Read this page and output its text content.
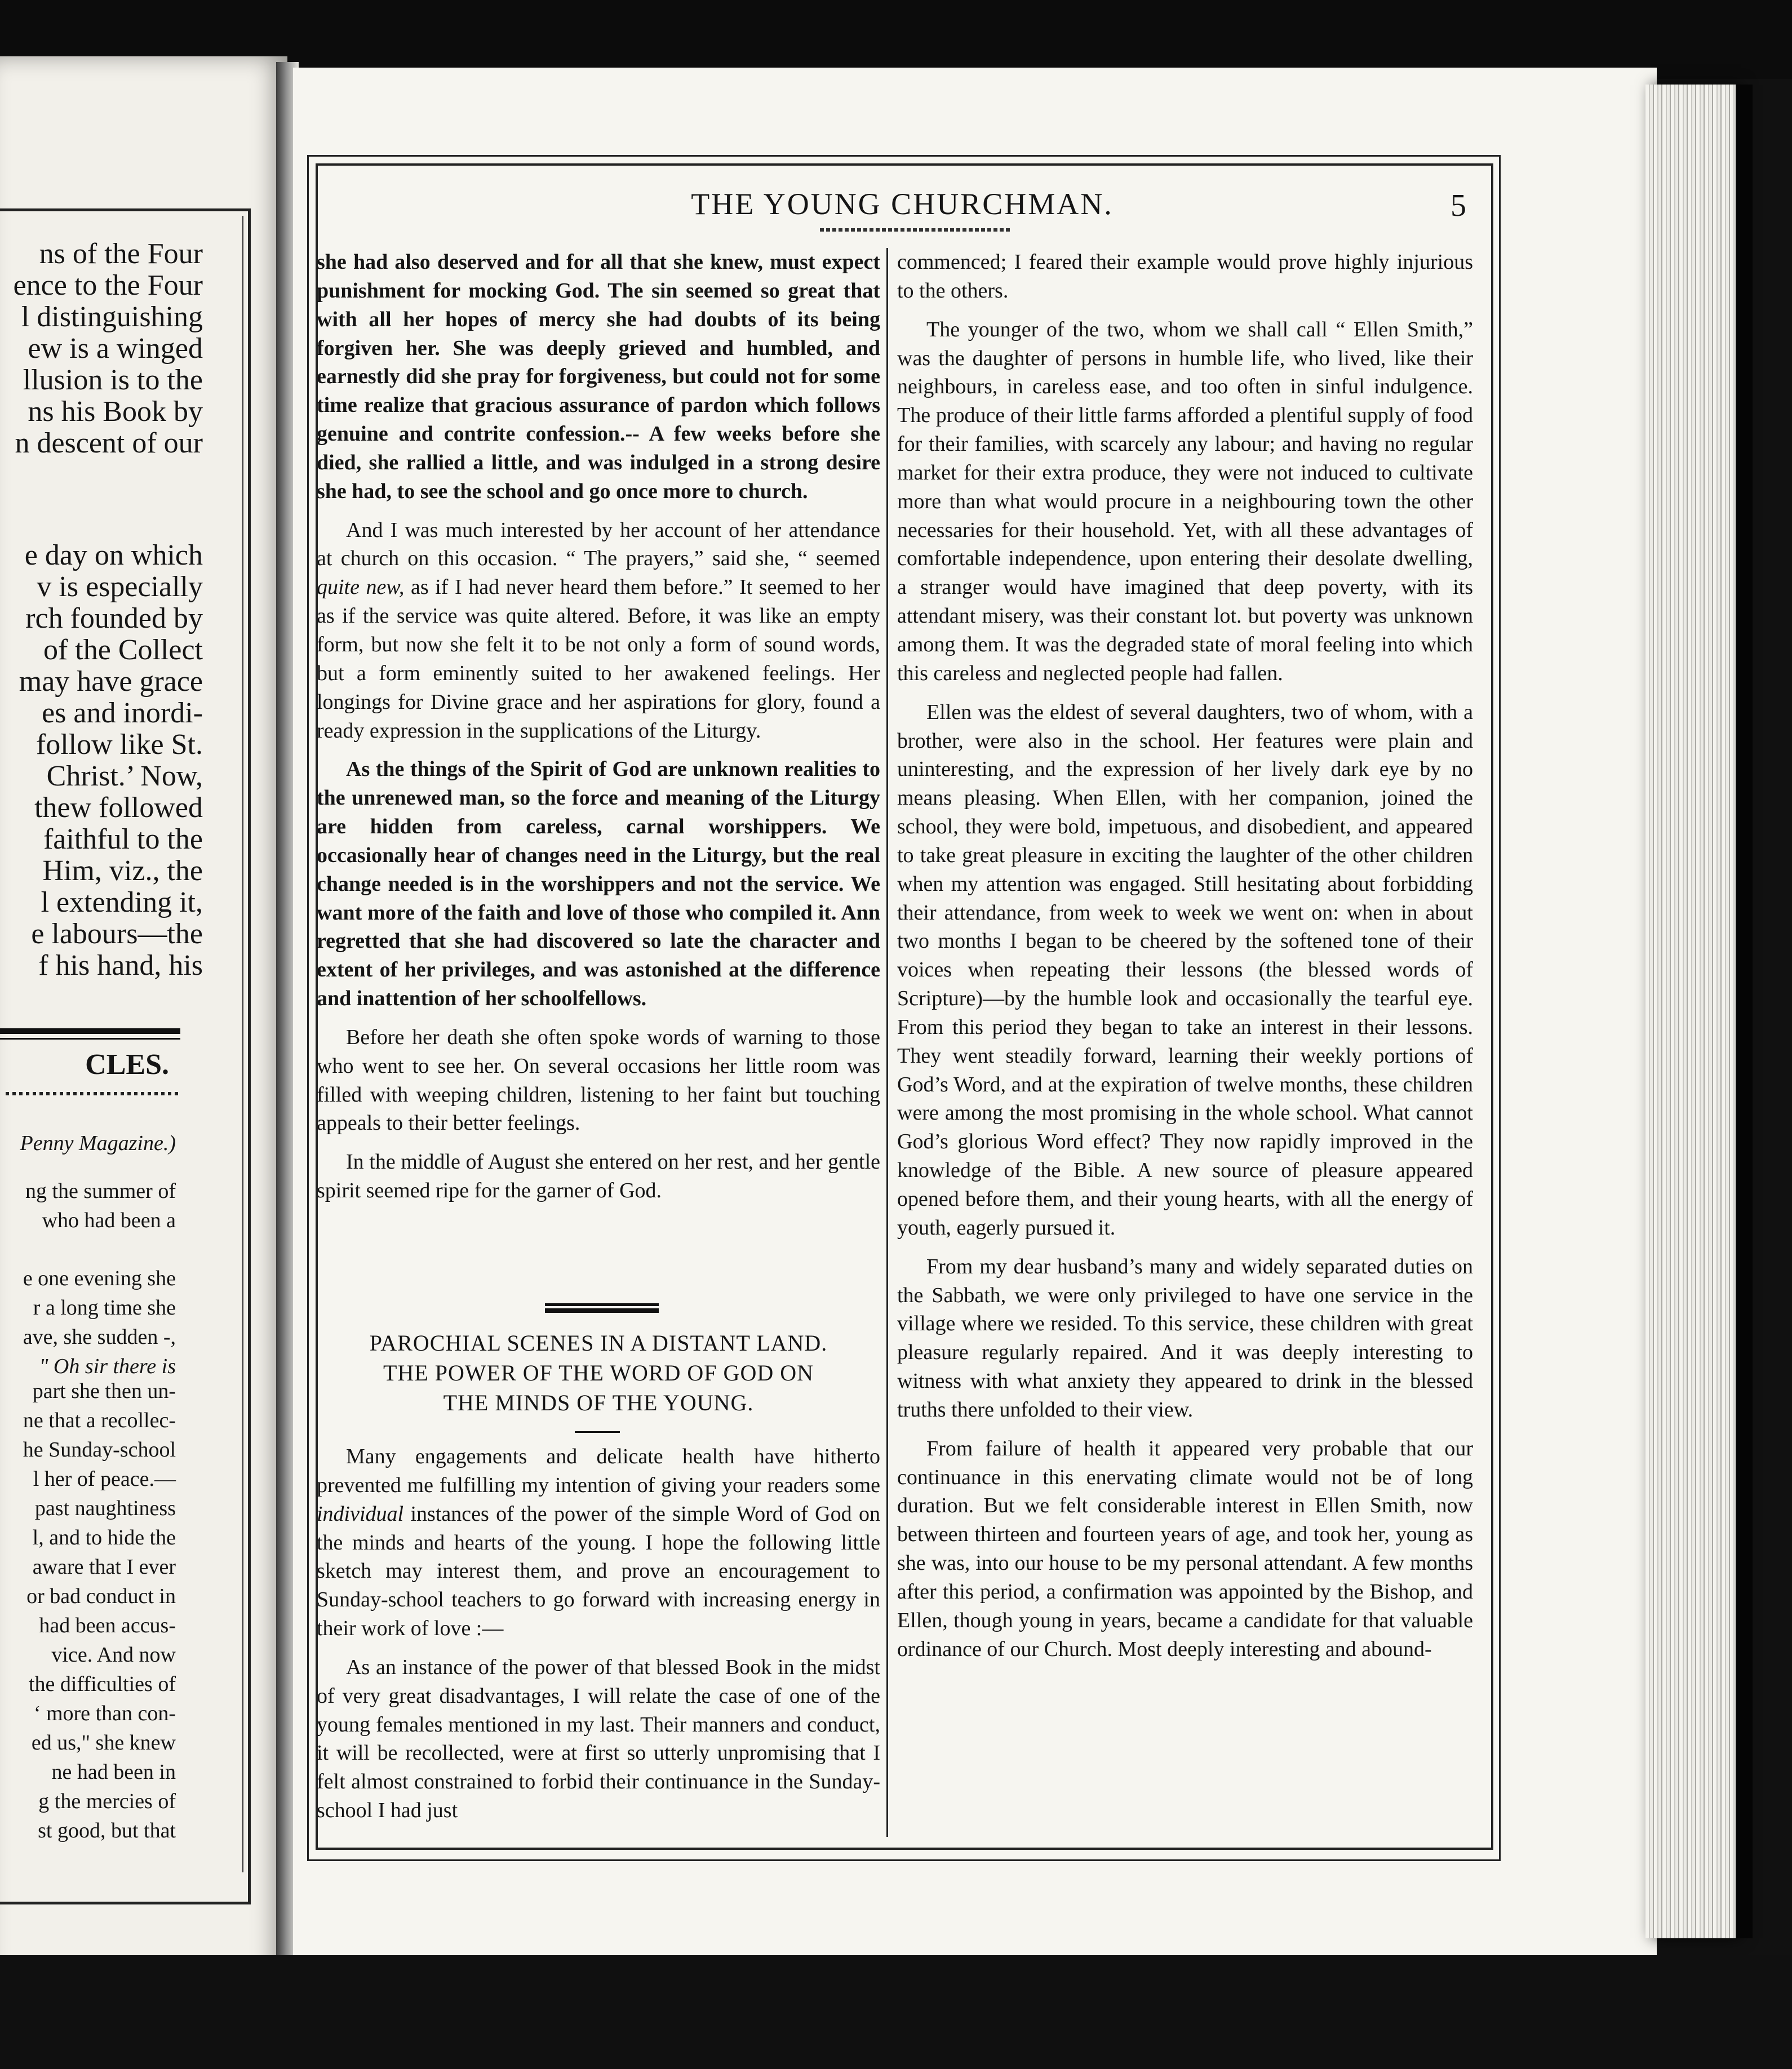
ns of the Four
ence to the Four
l distinguishing
ew is a winged
llusion is to the
ns his Book by
n descent of our
e day on which
v is especially
rch founded by
of the Collect
may have grace
es and inordi-
follow like St.
Christ.’ Now,
thew followed
faithful to the
Him, viz., the
l extending it,
e labours—the
f his hand, his
CLES.
Penny Magazine.)
ng the summer of
who had been a
e one evening she
r a long time she
ave, she sudden -,
" Oh sir there is
part she then un-
ne that a recollec-
he Sunday-school
l her of peace.—
past naughtiness
l, and to hide the
aware that I ever
or bad conduct in
had been accus-
vice. And now
the difficulties of
‘ more than con-
ed us," she knew
ne had been in
g the mercies of
st good, but that
THE YOUNG CHURCHMAN.	5

she had also deserved and for all that she knew, must expect punishment for mocking God. The sin seemed so great that with all her hopes of mercy she had doubts of its being forgiven her. She was deeply grieved and humbled, and earnestly did she pray for forgiveness, but could not for some time realize that gracious assurance of pardon which follows genuine and contrite confession.-- A few weeks before she died, she rallied a little, and was indulged in a strong desire she had, to see the school and go once more to church.

And I was much interested by her account of her attendance at church on this occasion. “ The prayers,” said she, “ seemed quite new, as if I had never heard them before.” It seemed to her as if the service was quite altered. Before, it was like an empty form, but now she felt it to be not only a form of sound words, but a form eminently suited to her awakened feelings. Her longings for Divine grace and her aspirations for glory, found a ready expression in the supplications of the Liturgy.

As the things of the Spirit of God are unknown realities to the unrenewed man, so the force and meaning of the Liturgy are hidden from careless, carnal worshippers. We occasionally hear of changes need in the Liturgy, but the real change needed is in the worshippers and not the service. We want more of the faith and love of those who compiled it. Ann regretted that she had discovered so late the character and extent of her privileges, and was astonished at the difference and inattention of her schoolfellows.

Before her death she often spoke words of warning to those who went to see her. On several occasions her little room was filled with weeping children, listening to her faint but touching appeals to their better feelings.

In the middle of August she entered on her rest, and her gentle spirit seemed ripe for the garner of God.

PAROCHIAL SCENES IN A DISTANT LAND.
THE POWER OF THE WORD OF GOD ON
THE MINDS OF THE YOUNG.

Many engagements and delicate health have hitherto prevented me fulfilling my intention of giving your readers some individual instances of the power of the simple Word of God on the minds and hearts of the young. I hope the following little sketch may interest them, and prove an encouragement to Sunday-school teachers to go forward with increasing energy in their work of love :—

As an instance of the power of that blessed Book in the midst of very great disadvantages, I will relate the case of one of the young females mentioned in my last. Their manners and conduct, it will be recollected, were at first so utterly unpromising that I felt almost constrained to forbid their continuance in the Sunday-school I had just

commenced; I feared their example would prove highly injurious to the others.

The younger of the two, whom we shall call “ Ellen Smith,” was the daughter of persons in humble life, who lived, like their neighbours, in careless ease, and too often in sinful indulgence. The produce of their little farms afforded a plentiful supply of food for their families, with scarcely any labour; and having no regular market for their extra produce, they were not induced to cultivate more than what would procure in a neighbouring town the other necessaries for their household. Yet, with all these advantages of comfortable independence, upon entering their desolate dwelling, a stranger would have imagined that deep poverty, with its attendant misery, was their constant lot. but poverty was unknown among them. It was the degraded state of moral feeling into which this careless and neglected people had fallen.

Ellen was the eldest of several daughters, two of whom, with a brother, were also in the school. Her features were plain and uninteresting, and the expression of her lively dark eye by no means pleasing. When Ellen, with her companion, joined the school, they were bold, impetuous, and disobedient, and appeared to take great pleasure in exciting the laughter of the other children when my attention was engaged. Still hesitating about forbidding their attendance, from week to week we went on: when in about two months I began to be cheered by the softened tone of their voices when repeating their lessons (the blessed words of Scripture)—by the humble look and occasionally the tearful eye. From this period they began to take an interest in their lessons. They went steadily forward, learning their weekly portions of God’s Word, and at the expiration of twelve months, these children were among the most promising in the whole school. What cannot God’s glorious Word effect? They now rapidly improved in the knowledge of the Bible. A new source of pleasure appeared opened before them, and their young hearts, with all the energy of youth, eagerly pursued it.

From my dear husband’s many and widely separated duties on the Sabbath, we were only privileged to have one service in the village where we resided. To this service, these children with great pleasure regularly repaired. And it was deeply interesting to witness with what anxiety they appeared to drink in the blessed truths there unfolded to their view.

From failure of health it appeared very probable that our continuance in this enervating climate would not be of long duration. But we felt considerable interest in Ellen Smith, now between thirteen and fourteen years of age, and took her, young as she was, into our house to be my personal attendant. A few months after this period, a confirmation was appointed by the Bishop, and Ellen, though young in years, became a candidate for that valuable ordinance of our Church. Most deeply interesting and abound-
